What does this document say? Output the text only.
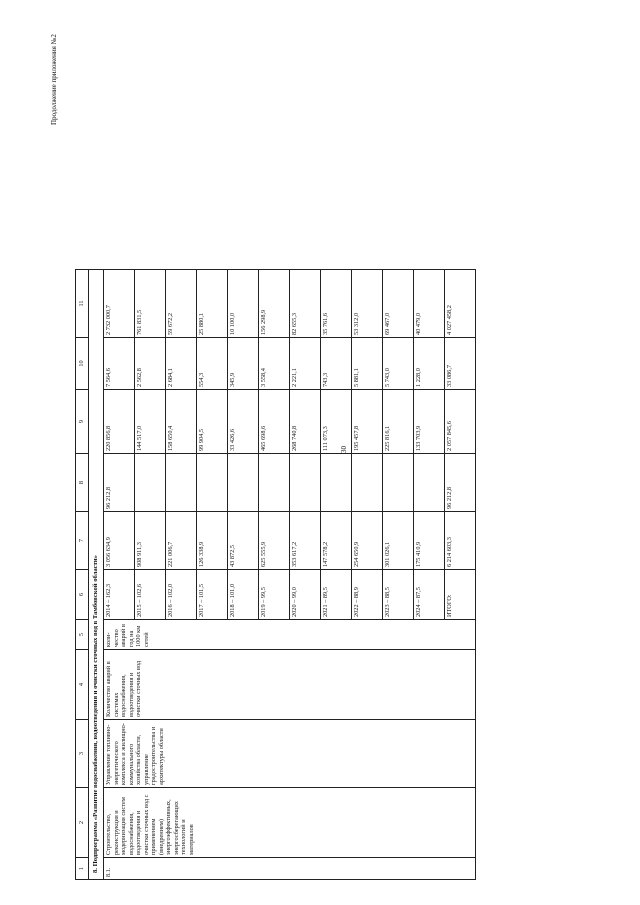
Продолжение приложения №2
30
1	2	3	4	5	6	7	8	9	10	11
8. Подпрограмма «Развитие водоснабжения, водоотведения и очистки сточных вод в Тамбовской области»										
8.1.	Строительство, реконструкция и модернизация систем водоснабжения, водоотведения и очистки сточных вод с применением (внедрением) энергоэффективных, энергосберегающих технологий и материалов	Управление топливно-энергетического комплекса и жилищно-коммунального хозяйства области, управление градостроительства и архитектуры области	Количество аварий в системах водоснабжения, водоотведения и очистки сточных вод	коли-чество аварий в год на 1000 км сетей	2014 – 162,3	3 056 634,9	96 212,8	220 856,8	7 564,6	2 732 000,7
					2015 – 102,6	908 911,3		144 517,0	2 562,8	761 831,5
					2016 – 102,0	221 006,7		158 650,4	2 684,1	59 672,2
					2017 – 101,5	126 338,9		99 904,5	554,3	25 880,1
					2018 – 101,0	43 872,5		33 426,6	345,9	10 100,0
					2019 – 99,5	625 555,9		465 698,6	3 558,4	156 298,9
					2020 – 99,0	353 617,2		268 740,8	2 221,1	82 655,3
					2021 – 89,5	147 578,2		111 073,3	743,3	35 761,6
					2022 – 88,9	254 650,9		195 457,8	5 881,1	53 312,0
					2023 – 88,5	301 026,1		225 816,1	5 743,0	69 467,0
					2024 – 87,5	175 410,9		133 703,9	1 228,0	40 479,0
					ИТОГО:	6 214 603,3	96 212,8	2 057 845,6	33 086,7	4 027 458,2
